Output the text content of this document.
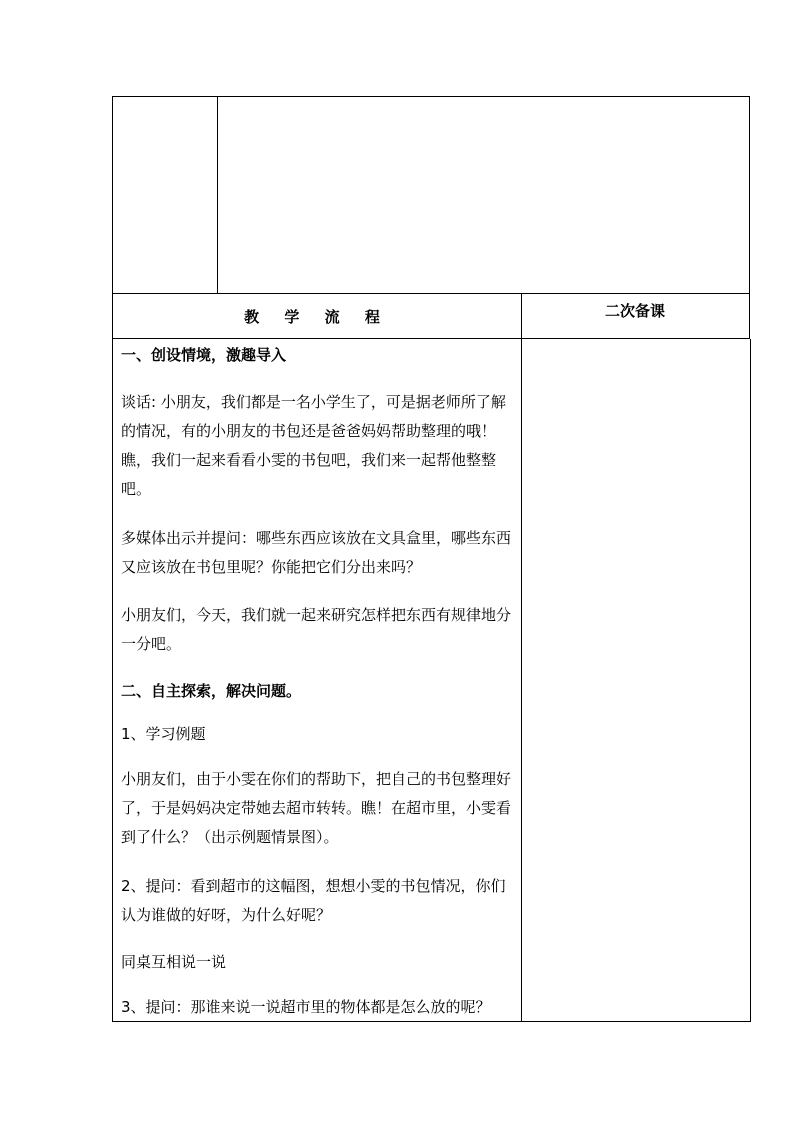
教 学 流 程	二次备课

一、创设情境，激趣导入

谈话: 小朋友，我们都是一名小学生了，可是据老师所了解的情况，有的小朋友的书包还是爸爸妈妈帮助整理的哦！瞧，我们一起来看看小雯的书包吧，我们来一起帮他整整吧。

多媒体出示并提问：哪些东西应该放在文具盒里，哪些东西又应该放在书包里呢？你能把它们分出来吗？

小朋友们，今天，我们就一起来研究怎样把东西有规律地分一分吧。

二、自主探索，解决问题。

1、学习例题

小朋友们，由于小雯在你们的帮助下，把自己的书包整理好了，于是妈妈决定带她去超市转转。瞧！在超市里，小雯看到了什么？（出示例题情景图）。

2、提问：看到超市的这幅图，想想小雯的书包情况，你们认为谁做的好呀，为什么好呢？

同桌互相说一说

3、提问：那谁来说一说超市里的物体都是怎么放的呢？
